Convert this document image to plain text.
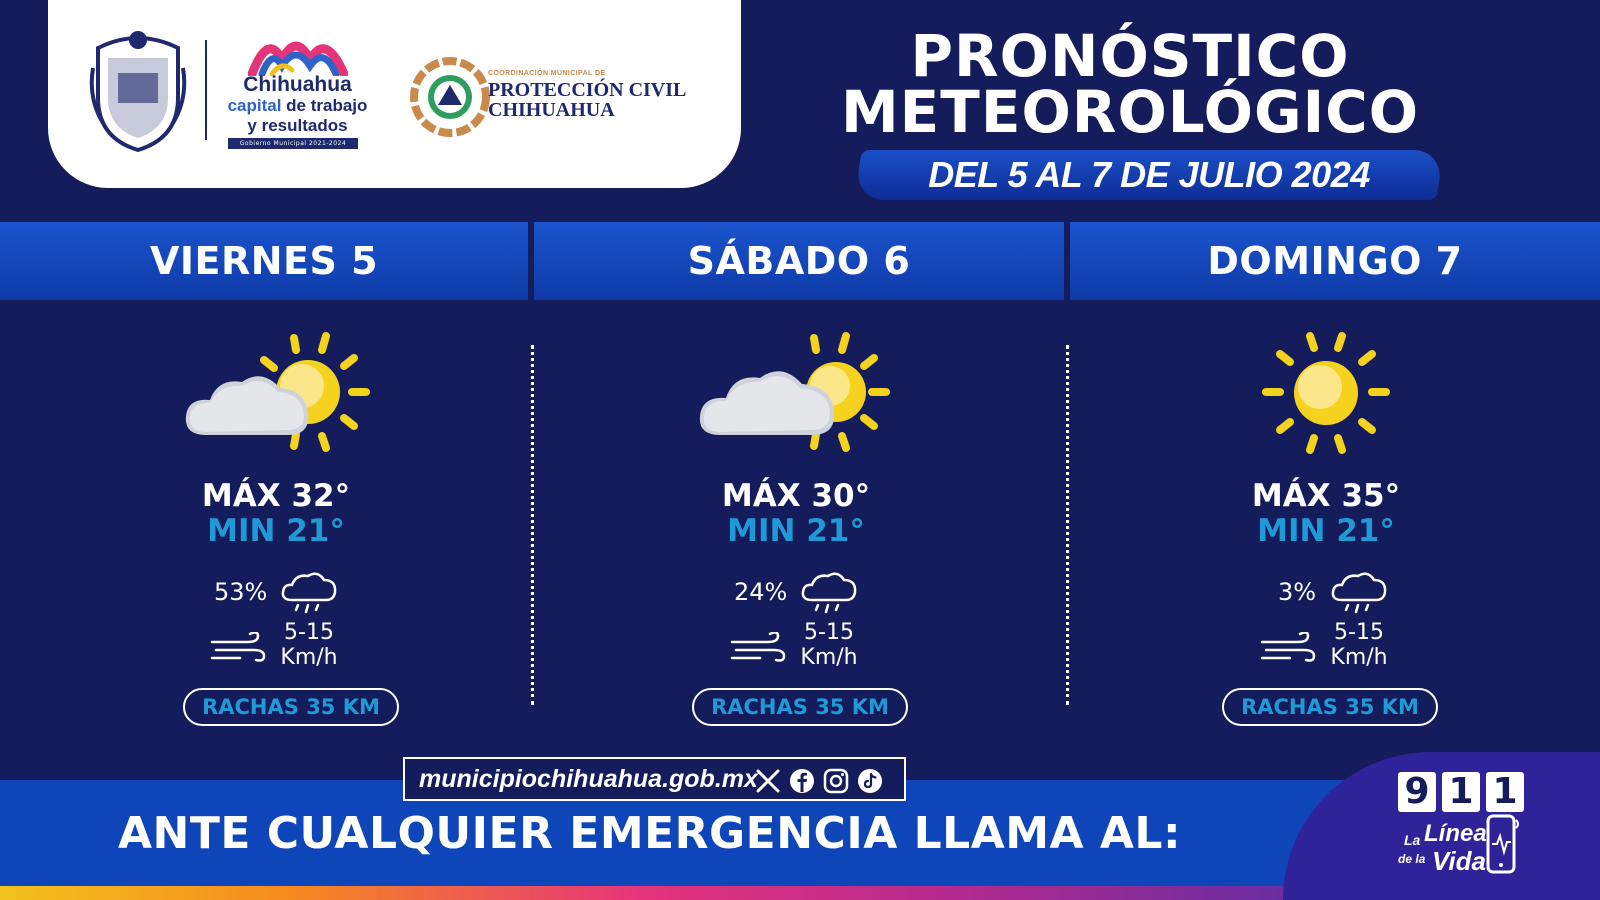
Chihuahua
capital de trabajo
y resultados
Gobierno Municipal 2021-2024
COORDINACIÓN MUNICIPAL DE
PROTECCIÓN CIVIL
CHIHUAHUA
PRONÓSTICO
METEOROLÓGICO
DEL 5 AL 7 DE JULIO 2024
VIERNES 5	SÁBADO 6	DOMINGO 7
MÁX 32°
MIN 21°
53%
5-15
Km/h
RACHAS 35 KM
MÁX 30°
MIN 21°
24%
5-15
Km/h
RACHAS 35 KM
MÁX 35°
MIN 21°
3%
5-15
Km/h
RACHAS 35 KM
municipiochihuahua.gob.mx
ANTE CUALQUIER EMERGENCIA LLAMA AL:
9 1 1
La Línea
de la Vida
